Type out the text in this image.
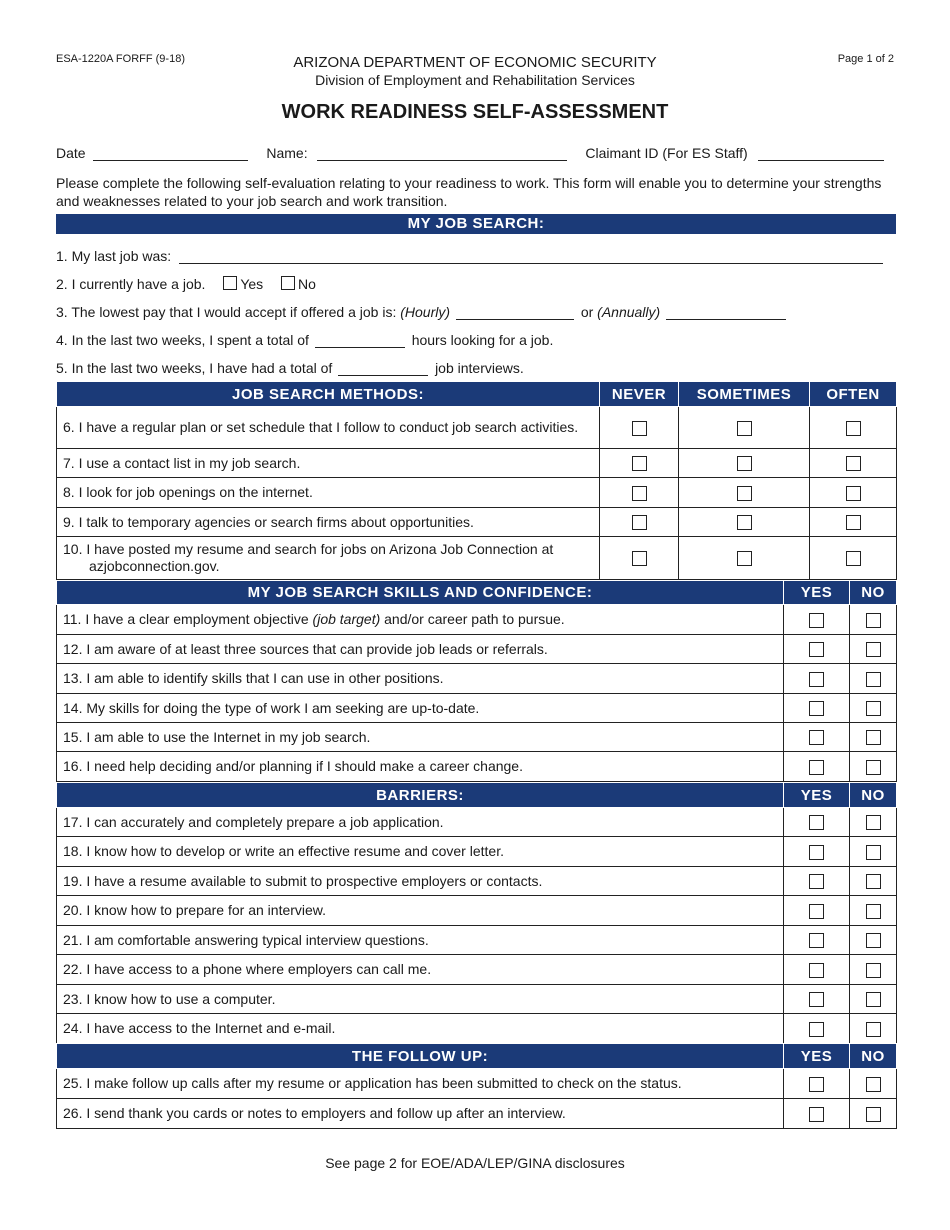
ESA-1220A FORFF (9-18)	Page 1 of 2
ARIZONA DEPARTMENT OF ECONOMIC SECURITY
Division of Employment and Rehabilitation Services
WORK READINESS SELF-ASSESSMENT
Date	Name:	Claimant ID (For ES Staff)
Please complete the following self-evaluation relating to your readiness to work. This form will enable you to determine your strengths and weaknesses related to your job search and work transition.
MY JOB SEARCH:
1. My last job was:
2. I currently have a job. Yes No
3. The lowest pay that I would accept if offered a job is: (Hourly)	or (Annually)
4. In the last two weeks, I spent a total of	hours looking for a job.
5. In the last two weeks, I have had a total of	job interviews.
JOB SEARCH METHODS:	NEVER	SOMETIMES	OFTEN

6. I have a regular plan or set schedule that I follow to conduct job search activities.			

7. I use a contact list in my job search.			

8. I look for job openings on the internet.			

9. I talk to temporary agencies or search firms about opportunities.			

10. I have posted my resume and search for jobs on Arizona Job Connection at azjobconnection.gov.			

MY JOB SEARCH SKILLS AND CONFIDENCE:	YES	NO
11. I have a clear employment objective (job target) and/or career path to pursue.		
12. I am aware of at least three sources that can provide job leads or referrals.		
13. I am able to identify skills that I can use in other positions.		
14. My skills for doing the type of work I am seeking are up-to-date.		
15. I am able to use the Internet in my job search.		
16. I need help deciding and/or planning if I should make a career change.		
BARRIERS:	YES	NO
17. I can accurately and completely prepare a job application.		
18. I know how to develop or write an effective resume and cover letter.		
19. I have a resume available to submit to prospective employers or contacts.		
20. I know how to prepare for an interview.		
21. I am comfortable answering typical interview questions.		
22. I have access to a phone where employers can call me.		
23. I know how to use a computer.		
24. I have access to the Internet and e-mail.		
THE FOLLOW UP:	YES	NO
25. I make follow up calls after my resume or application has been submitted to check on the status.		
26. I send thank you cards or notes to employers and follow up after an interview.		
See page 2 for EOE/ADA/LEP/GINA disclosures
